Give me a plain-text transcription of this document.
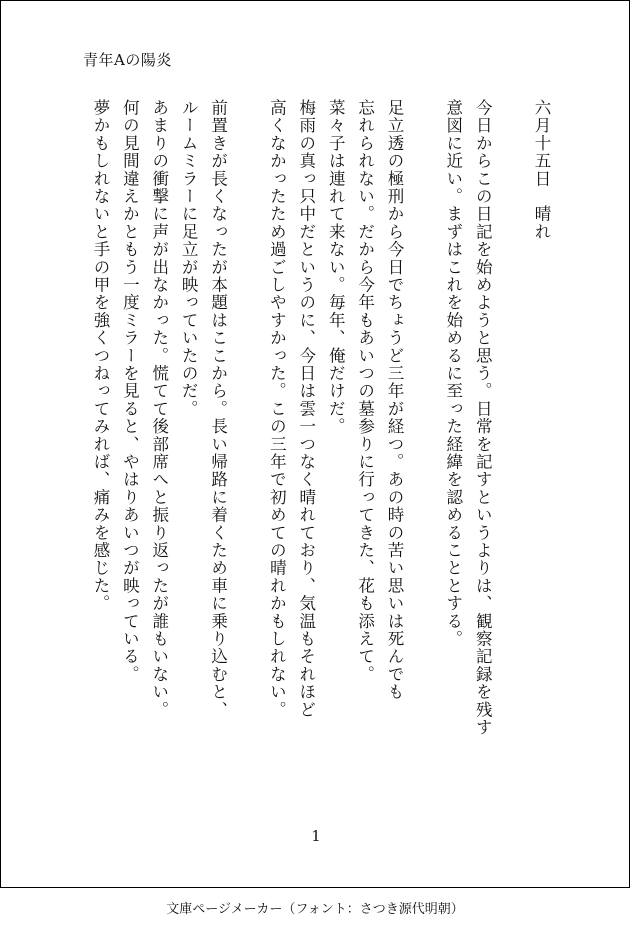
青年Aの陽炎
六月十五日　晴れ
今日からこの日記を始めようと思う。日常を記すというよりは、観察記録を残す
意図に近い。まずはこれを始めるに至った経緯を認めることとする。
足立透の極刑から今日でちょうど三年が経つ。あの時の苦い思いは死んでも
忘れられない。だから今年もあいつの墓参りに行ってきた、花も添えて。
菜々子は連れて来ない。毎年、俺だけだ。
梅雨の真っ只中だというのに、今日は雲一つなく晴れており、気温もそれほど
高くなかったため過ごしやすかった。この三年で初めての晴れかもしれない。
前置きが長くなったが本題はここから。長い帰路に着くため車に乗り込むと、
ルームミラーに足立が映っていたのだ。
あまりの衝撃に声が出なかった。慌てて後部席へと振り返ったが誰もいない。
何の見間違えかともう一度ミラーを見ると、やはりあいつが映っている。
夢かもしれないと手の甲を強くつねってみれば、痛みを感じた。
1
文庫ページメーカー（フォント：さつき源代明朝）
